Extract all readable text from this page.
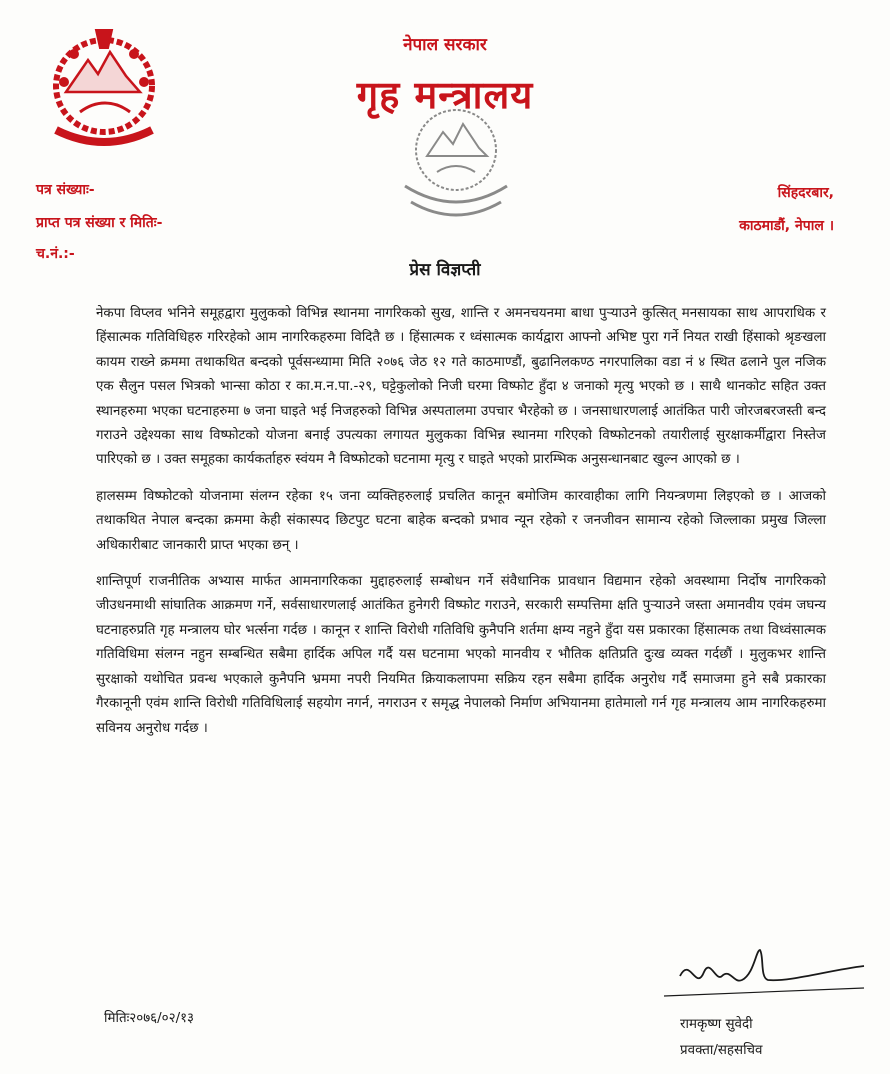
नेपाल सरकार
गृह मन्त्रालय
पत्र संख्याः-
प्राप्त पत्र संख्या र मितिः-
च.नं.:-
सिंहदरबार,
काठमाडौं, नेपाल ।
प्रेस विज्ञप्ती

नेकपा विप्लव भनिने समूहद्वारा मुलुकको विभिन्न स्थानमा नागरिकको सुख, शान्ति र अमनचयनमा बाधा पुऱ्याउने कुत्सित् मनसायका साथ आपराधिक र हिंसात्मक गतिविधिहरु गरिरहेको आम नागरिकहरुमा विदितै छ । हिंसात्मक र ध्वंसात्मक कार्यद्वारा आफ्नो अभिष्ट पुरा गर्ने नियत राखी हिंसाको श्रृङखला कायम राख्ने क्रममा तथाकथित बन्दको पूर्वसन्ध्यामा मिति २०७६ जेठ १२ गते काठमाण्डौं, बुढानिलकण्ठ नगरपालिका वडा नं ४ स्थित ढलाने पुल नजिक एक सैलुन पसल भित्रको भान्सा कोठा र का.म.न.पा.-२९, घट्टेकुलोको निजी घरमा विष्फोट हुँदा ४ जनाको मृत्यु भएको छ । साथै थानकोट सहित उक्त स्थानहरुमा भएका घटनाहरुमा ७ जना घाइते भई निजहरुको विभिन्न अस्पतालमा उपचार भैरहेको छ । जनसाधारणलाई आतंकित पारी जोरजबरजस्ती बन्द गराउने उद्देश्यका साथ विष्फोटको योजना बनाई उपत्यका लगायत मुलुकका विभिन्न स्थानमा गरिएको विष्फोटनको तयारीलाई सुरक्षाकर्मीद्वारा निस्तेज पारिएको छ । उक्त समूहका कार्यकर्ताहरु स्वंयम नै विष्फोटको घटनामा मृत्यु र घाइते भएको प्रारम्भिक अनुसन्धानबाट खुल्न आएको छ ।

हालसम्म विष्फोटको योजनामा संलग्न रहेका १५ जना व्यक्तिहरुलाई प्रचलित कानून बमोजिम कारवाहीका लागि नियन्त्रणमा लिइएको छ । आजको तथाकथित नेपाल बन्दका क्रममा केही संकास्पद छिटपुट घटना बाहेक बन्दको प्रभाव न्यून रहेको र जनजीवन सामान्य रहेको जिल्लाका प्रमुख जिल्ला अधिकारीबाट जानकारी प्राप्त भएका छन् ।

शान्तिपूर्ण राजनीतिक अभ्यास मार्फत आमनागरिकका मुद्दाहरुलाई सम्बोधन गर्ने संवैधानिक प्रावधान विद्यमान रहेको अवस्थामा निर्दोष नागरिकको जीउधनमाथी सांघातिक आक्रमण गर्ने, सर्वसाधारणलाई आतंकित हुनेगरी विष्फोट गराउने, सरकारी सम्पत्तिमा क्षति पुऱ्याउने जस्ता अमानवीय एवंम जघन्य घटनाहरुप्रति गृह मन्त्रालय घोर भर्त्सना गर्दछ । कानून र शान्ति विरोधी गतिविधि कुनैपनि शर्तमा क्षम्य नहुने हुँदा यस प्रकारका हिंसात्मक तथा विध्वंसात्मक गतिविधिमा संलग्न नहुन सम्बन्धित सबैमा हार्दिक अपिल गर्दै यस घटनामा भएको मानवीय र भौतिक क्षतिप्रति दुःख व्यक्त गर्दछौं । मुलुकभर शान्ति सुरक्षाको यथोचित प्रवन्ध भएकाले कुनैपनि भ्रममा नपरी नियमित क्रियाकलापमा सक्रिय रहन सबैमा हार्दिक अनुरोध गर्दै समाजमा हुने सबै प्रकारका गैरकानूनी एवंम शान्ति विरोधी गतिविधिलाई सहयोग नगर्न, नगराउन र समृद्ध नेपालको निर्माण अभियानमा हातेमालो गर्न गृह मन्त्रालय आम नागरिकहरुमा सविनय अनुरोध गर्दछ ।

मितिः२०७६/०२/१३	रामकृष्ण सुवेदी
प्रवक्ता/सहसचिव
